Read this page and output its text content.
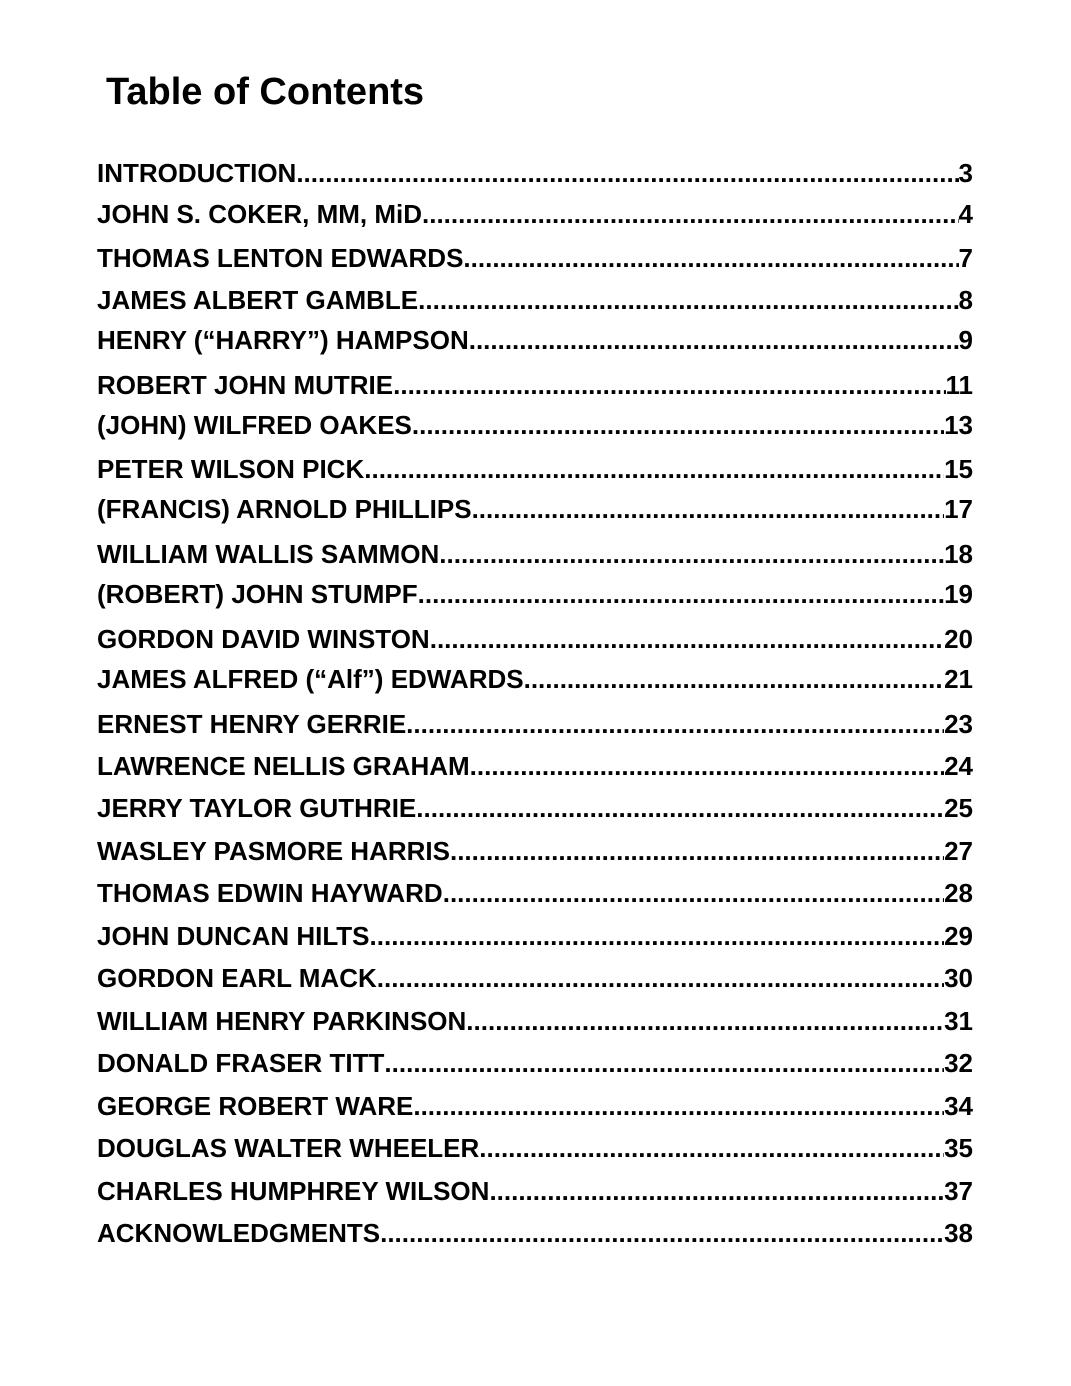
Table of Contents
INTRODUCTION .....	3
JOHN S. COKER, MM, MiD .....	4
THOMAS LENTON EDWARDS .....	7
JAMES ALBERT GAMBLE .....	8
HENRY (“HARRY”) HAMPSON .....	9
ROBERT JOHN MUTRIE .....	11
(JOHN) WILFRED OAKES .....	13
PETER WILSON PICK .....	15
(FRANCIS) ARNOLD PHILLIPS .....	17
WILLIAM WALLIS SAMMON .....	18
(ROBERT) JOHN STUMPF .....	19
GORDON DAVID WINSTON .....	20
JAMES ALFRED (“Alf”) EDWARDS .....	21
ERNEST HENRY GERRIE .....	23
LAWRENCE NELLIS GRAHAM .....	24
JERRY TAYLOR GUTHRIE .....	25
WASLEY PASMORE HARRIS .....	27
THOMAS EDWIN HAYWARD .....	28
JOHN DUNCAN HILTS .....	29
GORDON EARL MACK .....	30
WILLIAM HENRY PARKINSON .....	31
DONALD FRASER TITT .....	32
GEORGE ROBERT WARE .....	34
DOUGLAS WALTER WHEELER .....	35
CHARLES HUMPHREY WILSON .....	37
ACKNOWLEDGMENTS .....	38
